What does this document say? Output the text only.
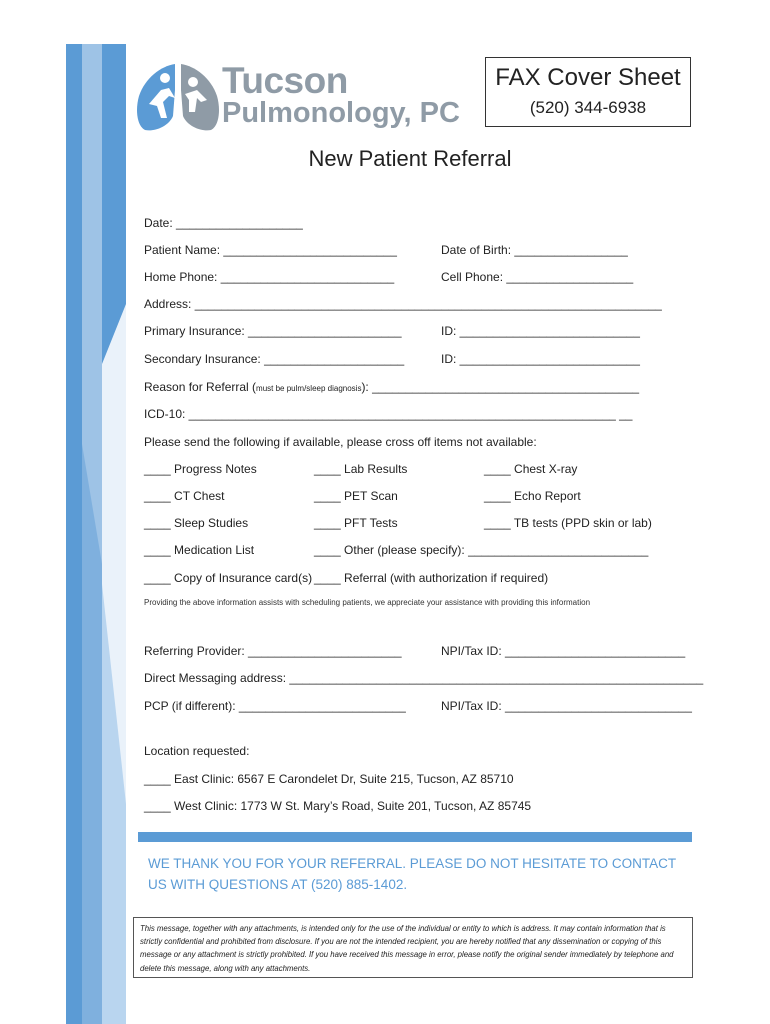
Tucson
Pulmonology, PC
FAX Cover Sheet
(520) 344-6938
New Patient Referral
Date: ___________________
Patient Name: __________________________	Date of Birth: _________________
Home Phone: __________________________	Cell Phone: ___________________
Address: ______________________________________________________________________
Primary Insurance: _______________________	ID: ___________________________
Secondary Insurance: _____________________	ID: ___________________________
Reason for Referral (must be pulm/sleep diagnosis): ________________________________________
ICD-10: ________________________________________________________________ __
Please send the following if available, please cross off items not available:
____ Progress Notes	____ Lab Results	____ Chest X-ray
____ CT Chest	____ PET Scan	____ Echo Report
____ Sleep Studies	____ PFT Tests	____ TB tests (PPD skin or lab)
____ Medication List	____ Other (please specify): ___________________________
____ Copy of Insurance card(s) ____ Referral (with authorization if required)
Providing the above information assists with scheduling patients, we appreciate your assistance with providing this information
Referring Provider: _______________________	NPI/Tax ID: ___________________________
Direct Messaging address: ______________________________________________________________
PCP (if different): _________________________	NPI/Tax ID: ____________________________
Location requested:
____ East Clinic: 6567 E Carondelet Dr, Suite 215, Tucson, AZ 85710
____ West Clinic: 1773 W St. Mary’s Road, Suite 201, Tucson, AZ 85745
WE THANK YOU FOR YOUR REFERRAL. PLEASE DO NOT HESITATE TO CONTACT US WITH QUESTIONS AT (520) 885-1402.
This message, together with any attachments, is intended only for the use of the individual or entity to which is address. It may contain information that is strictly confidential and prohibited from disclosure. If you are not the intended recipient, you are hereby notified that any dissemination or copying of this message or any attachment is strictly prohibited. If you have received this message in error, please notify the original sender immediately by telephone and delete this message, along with any attachments.
